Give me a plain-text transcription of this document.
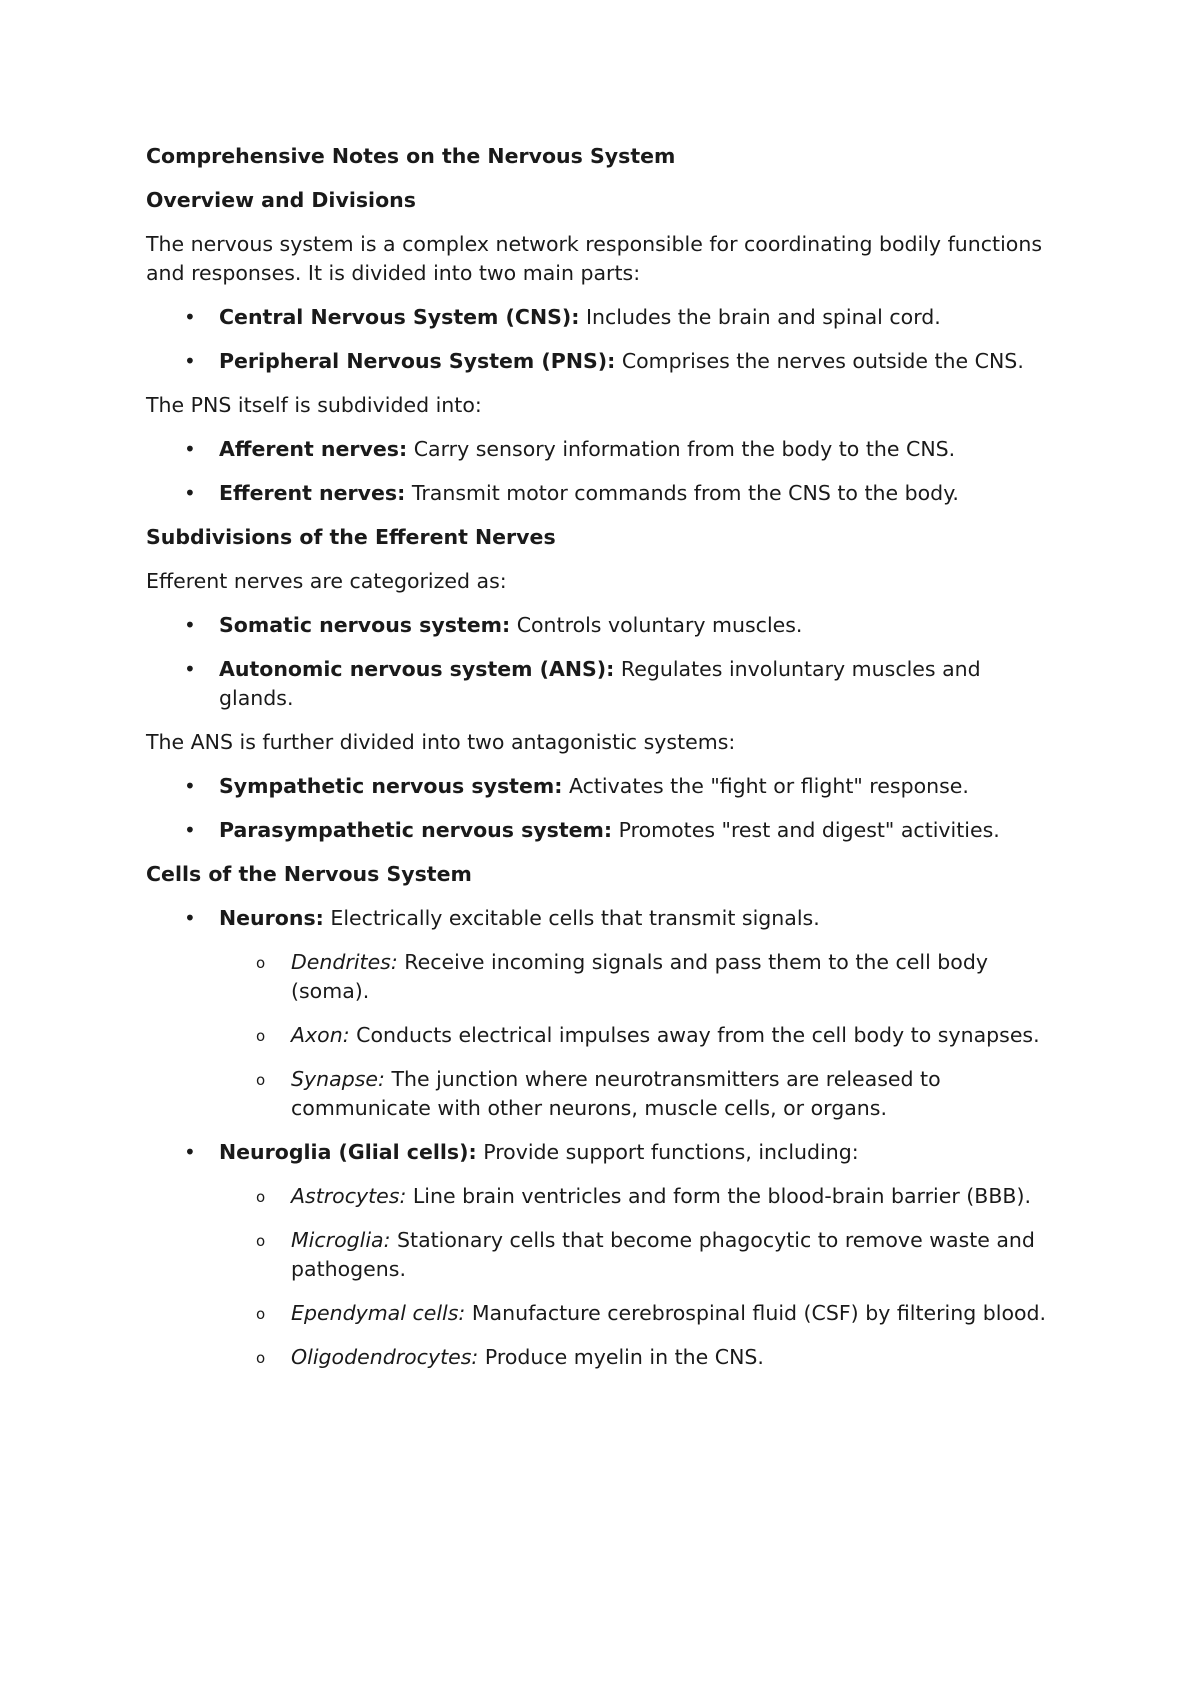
Comprehensive Notes on the Nervous System

Overview and Divisions

The nervous system is a complex network responsible for coordinating bodily functions and responses. It is divided into two main parts:

• Central Nervous System (CNS): Includes the brain and spinal cord.
• Peripheral Nervous System (PNS): Comprises the nerves outside the CNS.

The PNS itself is subdivided into:

• Afferent nerves: Carry sensory information from the body to the CNS.
• Efferent nerves: Transmit motor commands from the CNS to the body.

Subdivisions of the Efferent Nerves

Efferent nerves are categorized as:

• Somatic nervous system: Controls voluntary muscles.
• Autonomic nervous system (ANS): Regulates involuntary muscles and glands.

The ANS is further divided into two antagonistic systems:

• Sympathetic nervous system: Activates the "fight or flight" response.
• Parasympathetic nervous system: Promotes "rest and digest" activities.

Cells of the Nervous System

• Neurons: Electrically excitable cells that transmit signals.
o Dendrites: Receive incoming signals and pass them to the cell body (soma).
o Axon: Conducts electrical impulses away from the cell body to synapses.
o Synapse: The junction where neurotransmitters are released to communicate with other neurons, muscle cells, or organs.
• Neuroglia (Glial cells): Provide support functions, including:
o Astrocytes: Line brain ventricles and form the blood-brain barrier (BBB).
o Microglia: Stationary cells that become phagocytic to remove waste and pathogens.
o Ependymal cells: Manufacture cerebrospinal fluid (CSF) by filtering blood.
o Oligodendrocytes: Produce myelin in the CNS.
